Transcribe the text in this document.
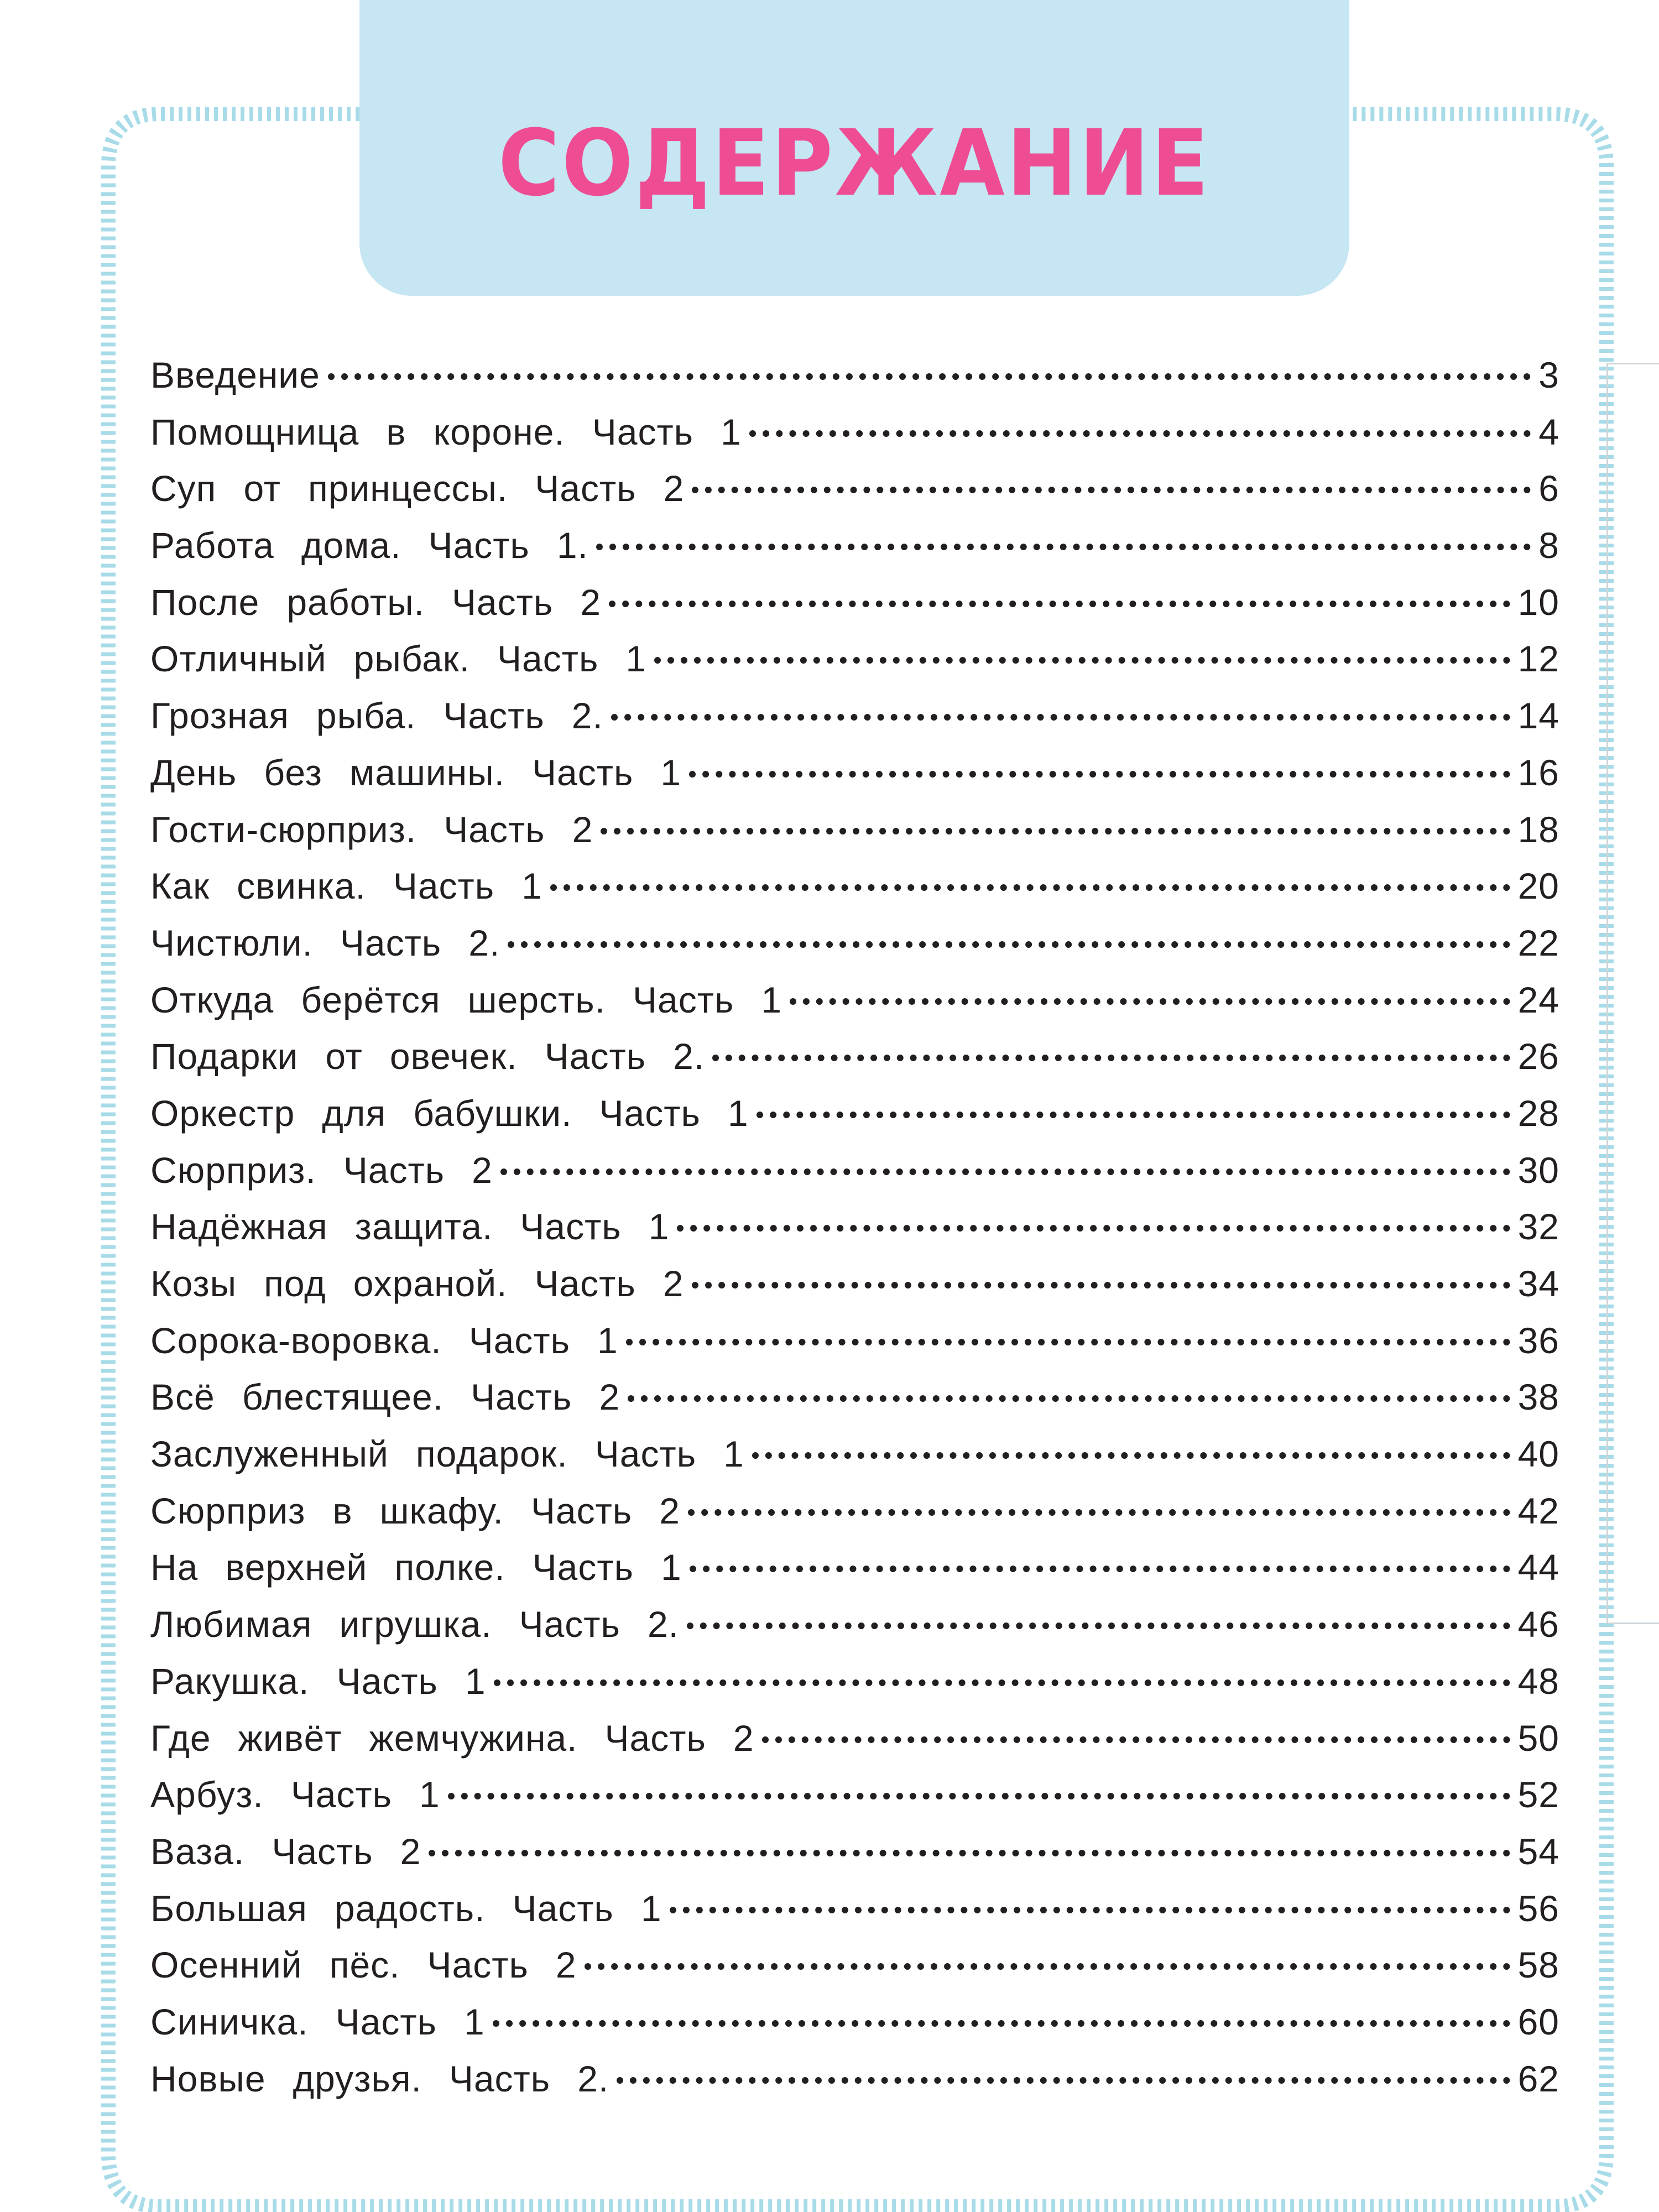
СОДЕРЖАНИЕ
Введение	3
Помощница в короне. Часть 1	4
Суп от принцессы. Часть 2	6
Работа дома. Часть 1.	8
После работы. Часть 2	10
Отличный рыбак. Часть 1	12
Грозная рыба. Часть 2.	14
День без машины. Часть 1	16
Гости-сюрприз. Часть 2	18
Как свинка. Часть 1	20
Чистюли. Часть 2.	22
Откуда берётся шерсть. Часть 1	24
Подарки от овечек. Часть 2.	26
Оркестр для бабушки. Часть 1	28
Сюрприз. Часть 2	30
Надёжная защита. Часть 1	32
Козы под охраной. Часть 2	34
Сорока-воровка. Часть 1	36
Всё блестящее. Часть 2	38
Заслуженный подарок. Часть 1	40
Сюрприз в шкафу. Часть 2	42
На верхней полке. Часть 1	44
Любимая игрушка. Часть 2.	46
Ракушка. Часть 1	48
Где живёт жемчужина. Часть 2	50
Арбуз. Часть 1	52
Ваза. Часть 2	54
Большая радость. Часть 1	56
Осенний пёс. Часть 2	58
Синичка. Часть 1	60
Новые друзья. Часть 2.	62
